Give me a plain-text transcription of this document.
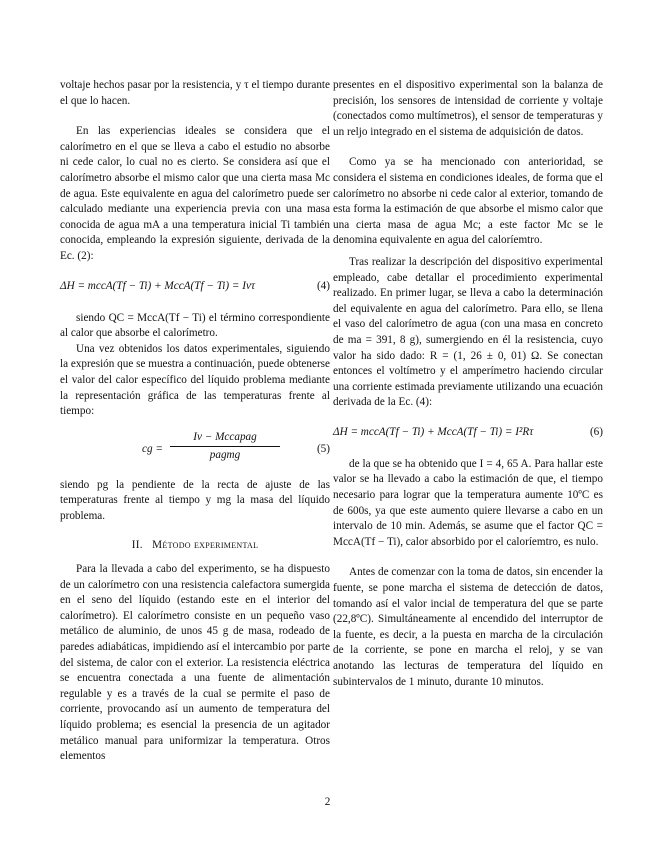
voltaje hechos pasar por la resistencia, y τ el tiempo durante el que lo hacen.

En las experiencias ideales se considera que el calorímetro en el que se lleva a cabo el estudio no absorbe ni cede calor, lo cual no es cierto. Se considera así que el calorímetro absorbe el mismo calor que una cierta masa Mc de agua. Este equivalente en agua del calorímetro puede ser calculado mediante una experiencia previa con una masa conocida de agua mA a una temperatura inicial Ti también conocida, empleando la expresión siguiente, derivada de la Ec. (2):

ΔH = mccA(Tf − Ti) + MccA(Tf − Ti) = Ivτ	(4)

siendo QC = MccA(Tf − Ti) el término correspondiente al calor que absorbe el calorímetro.

Una vez obtenidos los datos experimentales, siguiendo la expresión que se muestra a continuación, puede obtenerse el valor del calor específico del líquido problema mediante la representación gráfica de las temperaturas frente al tiempo:

cg =
Iv − Mccapag
pagmg
(5)

siendo pg la pendiente de la recta de ajuste de las temperaturas frente al tiempo y mg la masa del líquido problema.

II. Método experimental

Para la llevada a cabo del experimento, se ha dispuesto de un calorímetro con una resistencia calefactora sumergida en el seno del líquido (estando este en el interior del calorímetro). El calorímetro consiste en un pequeño vaso metálico de aluminio, de unos 45 g de masa, rodeado de paredes adiabáticas, impidiendo así el intercambio por parte del sistema, de calor con el exterior. La resistencia eléctrica se encuentra conectada a una fuente de alimentación regulable y es a través de la cual se permite el paso de corriente, provocando así un aumento de temperatura del líquido problema; es esencial la presencia de un agitador metálico manual para uniformizar la temperatura. Otros elementos

presentes en el dispositivo experimental son la balanza de precisión, los sensores de intensidad de corriente y voltaje (conectados como multímetros), el sensor de temperaturas y un reljo integrado en el sistema de adquisición de datos.

Como ya se ha mencionado con anterioridad, se considera el sistema en condiciones ideales, de forma que el calorímetro no absorbe ni cede calor al exterior, tomando de esta forma la estimación de que absorbe el mismo calor que una cierta masa de agua Mc; a este factor Mc se le denomina equivalente en agua del caloríemtro.

Tras realizar la descripción del dispositivo experimental empleado, cabe detallar el procedimiento experimental realizado. En primer lugar, se lleva a cabo la determinación del equivalente en agua del calorímetro. Para ello, se llena el vaso del calorímetro de agua (con una masa en concreto de ma = 391, 8 g), sumergiendo en él la resistencia, cuyo valor ha sido dado: R = (1, 26 ± 0, 01) Ω. Se conectan entonces el voltímetro y el amperímetro haciendo circular una corriente estimada previamente utilizando una ecuación derivada de la Ec. (4):

ΔH = mccA(Tf − Ti) + MccA(Tf − Ti) = I²Rτ	(6)

de la que se ha obtenido que I = 4, 65 A. Para hallar este valor se ha llevado a cabo la estimación de que, el tiempo necesario para lograr que la temperatura aumente 10ºC es de 600s, ya que este aumento quiere llevarse a cabo en un intervalo de 10 min. Además, se asume que el factor QC = MccA(Tf − Ti), calor absorbido por el caloríemtro, es nulo.

Antes de comenzar con la toma de datos, sin encender la fuente, se pone marcha el sistema de detección de datos, tomando así el valor incial de temperatura del que se parte (22,8ºC). Simultáneamente al encendido del interruptor de la fuente, es decir, a la puesta en marcha de la circulación de la corriente, se pone en marcha el reloj, y se van anotando las lecturas de temperatura del líquido en subintervalos de 1 minuto, durante 10 minutos.

2
